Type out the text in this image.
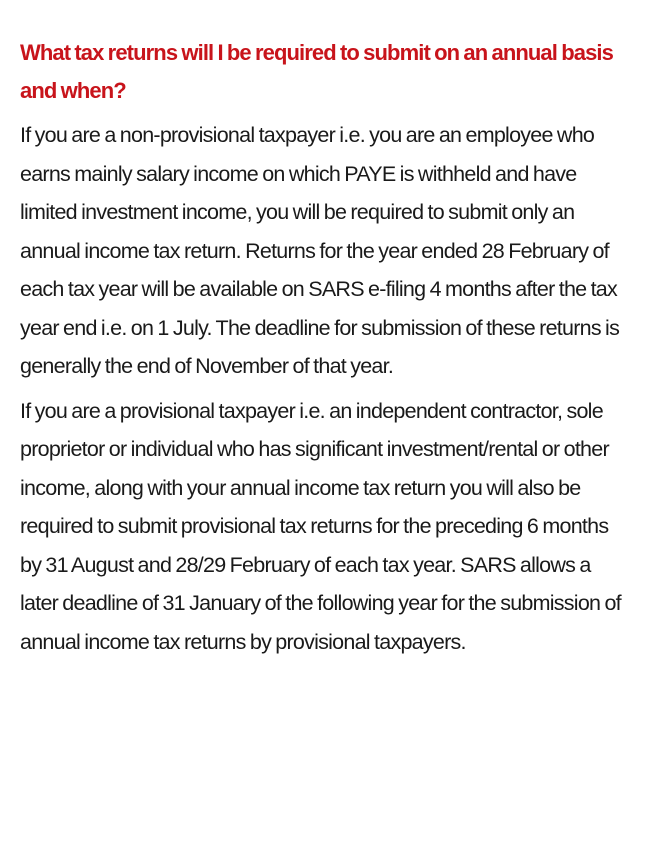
What tax returns will I be required to submit on an annual basis and when?

If you are a non-provisional taxpayer i.e. you are an employee who earns mainly salary income on which PAYE is withheld and have limited investment income, you will be required to submit only an annual income tax return. Returns for the year ended 28 February of each tax year will be available on SARS e-filing 4 months after the tax year end i.e. on 1 July. The deadline for submission of these returns is generally the end of November of that year.

If you are a provisional taxpayer i.e. an independent contractor, sole proprietor or individual who has significant investment/rental or other income, along with your annual income tax return you will also be required to submit provisional tax returns for the preceding 6 months by 31 August and 28/29 February of each tax year. SARS allows a later deadline of 31 January of the following year for the submission of annual income tax returns by provisional taxpayers.
